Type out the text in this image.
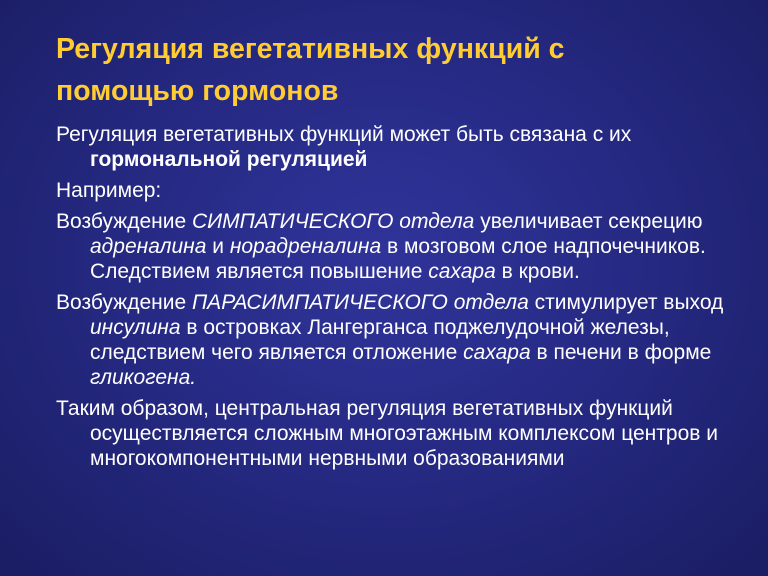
Регуляция вегетативных функций с
помощью гормонов

Регуляция вегетативных функций может быть связана с их гормональной регуляцией

Например:

Возбуждение СИМПАТИЧЕСКОГО отдела увеличивает секрецию адреналина и норадреналина в мозговом слое надпочечников. Следствием является повышение сахара в крови.

Возбуждение ПАРАСИМПАТИЧЕСКОГО отдела стимулирует выход инсулина в островках Лангерганса поджелудочной железы, следствием чего является отложение сахара в печени в форме гликогена.

Таким образом, центральная регуляция вегетативных функций осуществляется сложным многоэтажным комплексом центров и многокомпонентными нервными образованиями
